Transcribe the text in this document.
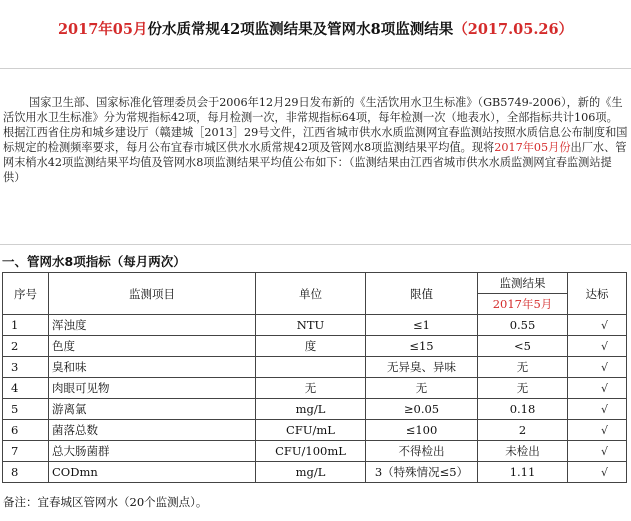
2017年05月份水质常规42项监测结果及管网水8项监测结果（2017.05.26）

国家卫生部、国家标准化管理委员会于2006年12月29日发布新的《生活饮用水卫生标准》（GB5749-2006），新的《生活饮用水卫生标准》分为常规指标42项，每月检测一次，非常规指标64项，每年检测一次（地表水），全部指标共计106项。

根据江西省住房和城乡建设厅（赣建城［2013］29号文件，江西省城市供水水质监测网宜春监测站按照水质信息公布制度和国标规定的检测频率要求，每月公布宜春市城区供水水质常规42项及管网水8项监测结果平均值。现将2017年05月份出厂水、管网末梢水42项监测结果平均值及管网水8项监测结果平均值公布如下：（监测结果由江西省城市供水水质监测网宜春监测站提供）

一、管网水8项指标（每月两次）
序号	监测项目	单位	限值	监测结果	达标
				2017年5月	
1	浑浊度	NTU	≤1	0.55	√
2	色度	度	≤15	<5	√
3	臭和味		无异臭、异味	无	√
4	肉眼可见物	无	无	无	√
5	游离氯	mg/L	≥0.05	0.18	√
6	菌落总数	CFU/mL	≤100	2	√
7	总大肠菌群	CFU/100mL	不得检出	未检出	√
8	CODmn	mg/L	3（特殊情况≤5）	1.11	√
备注：宜春城区管网水（20个监测点）。
